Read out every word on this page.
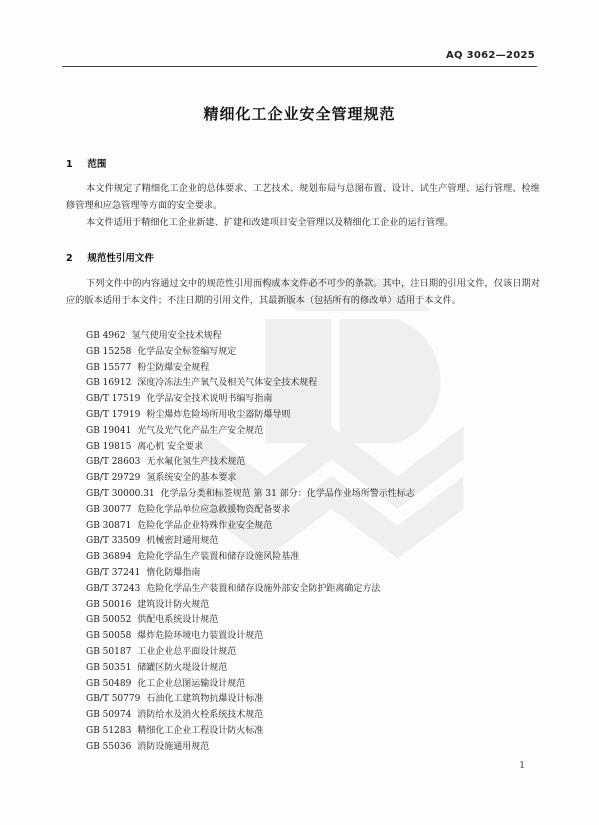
AQ 3062—2025
精细化工企业安全管理规范
1 范围

本文件规定了精细化工企业的总体要求、工艺技术、规划布局与总图布置、设计、试生产管理、运行管理、检维修管理和应急管理等方面的安全要求。

本文件适用于精细化工企业新建、扩建和改建项目安全管理以及精细化工企业的运行管理。

2 规范性引用文件

下列文件中的内容通过文中的规范性引用而构成本文件必不可少的条款。其中，注日期的引用文件，仅该日期对应的版本适用于本文件；不注日期的引用文件，其最新版本（包括所有的修改单）适用于本文件。

GB 4962 氢气使用安全技术规程
GB 15258 化学品安全标签编写规定
GB 15577 粉尘防爆安全规程
GB 16912 深度冷冻法生产氧气及相关气体安全技术规程
GB/T 17519 化学品安全技术说明书编写指南
GB/T 17919 粉尘爆炸危险场所用收尘器防爆导则
GB 19041 光气及光气化产品生产安全规范
GB 19815 离心机 安全要求
GB/T 28603 无水氟化氢生产技术规范
GB/T 29729 氢系统安全的基本要求
GB/T 30000.31 化学品分类和标签规范 第 31 部分：化学品作业场所警示性标志
GB 30077 危险化学品单位应急救援物资配备要求
GB 30871 危险化学品企业特殊作业安全规范
GB/T 33509 机械密封通用规范
GB 36894 危险化学品生产装置和储存设施风险基准
GB/T 37241 惰化防爆指南
GB/T 37243 危险化学品生产装置和储存设施外部安全防护距离确定方法
GB 50016 建筑设计防火规范
GB 50052 供配电系统设计规范
GB 50058 爆炸危险环境电力装置设计规范
GB 50187 工业企业总平面设计规范
GB 50351 储罐区防火堤设计规范
GB 50489 化工企业总图运输设计规范
GB/T 50779 石油化工建筑物抗爆设计标准
GB 50974 消防给水及消火栓系统技术规范
GB 51283 精细化工企业工程设计防火标准
GB 55036 消防设施通用规范
1
